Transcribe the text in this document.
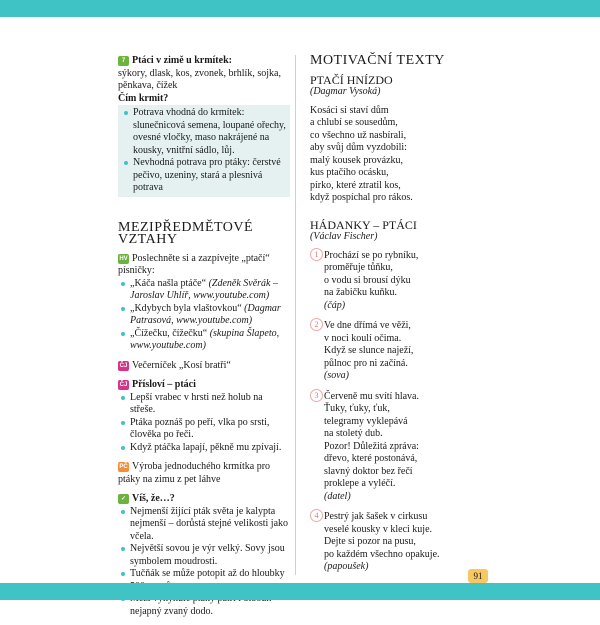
7 Ptáci v zimě u krmítek:
sýkory, dlask, kos, zvonek, brhlík, sojka, pěnkava, čížek
Čím krmit?
Potrava vhodná do krmítek: slunečnicová semena, loupané ořechy, ovesné vločky, maso nakrájené na kousky, vnitřní sádlo, lůj.
Nevhodná potrava pro ptáky: čerstvé pečivo, uzeniny, stará a plesnivá potrava
MEZIPŘEDMĚTOVÉ VZTAHY
HV Poslechněte si a zazpívejte „ptačí“ písničky:
„Káča našla ptáče“ (Zdeněk Svěrák – Jaroslav Uhlíř, www.youtube.com)
„Kdybych byla vlaštovkou“ (Dagmar Patrasová, www.youtube.com)
„Čížečku, čížečku“ (skupina Šlapeto, www.youtube.com)
ČJ Večerníček „Kosí bratři“
ČJ Přísloví – ptáci
Lepší vrabec v hrsti než holub na střeše.
Ptáka poznáš po peří, vlka po srsti, člověka po řeči.
Když ptáčka lapají, pěkně mu zpívají.
PČ Výroba jednoduchého krmítka pro ptáky na zimu z pet láhve
✓ Víš, že…?
Nejmenší žijící pták světa je kalypta nejmenší – dorůstá stejné velikosti jako včela.
Největší sovou je výr velký. Sovy jsou symbolem moudrosti.
Tučňák se může potopit až do hloubky
nejapný zvaný dodo.
MOTIVAČNÍ TEXTY
PTAČÍ HNÍZDO
(Dagmar Vysoká)
Kosáci si staví dům
a chlubí se sousedům,
co všechno už nasbírali,
aby svůj dům vyzdobili:
malý kousek provázku,
kus ptačího ocásku,
pírko, které ztratil kos,
když pospíchal pro rákos.
HÁDANKY – PTÁCI
(Václav Fischer)
1 Prochází se po rybníku,
proměřuje tůňku,
o vodu si brousí dýku
na žabičku kuňku.
(čáp)
2 Ve dne dřímá ve věži,
v noci koulí očima.
Když se slunce naježí,
půlnoc pro ni začíná.
(sova)
3 Červeně mu svítí hlava.
Ťuky, ťuky, ťuk,
telegramy vyklepává
na stoletý dub.
Pozor! Důležitá zpráva:
dřevo, které postonává,
slavný doktor bez řečí
proklepe a vyléčí.
(datel)
4 Pestrý jak šašek v cirkusu
veselé kousky v kleci kuje.
Dejte si pozor na pusu,
po každém všechno opakuje.
(papoušek)
91
